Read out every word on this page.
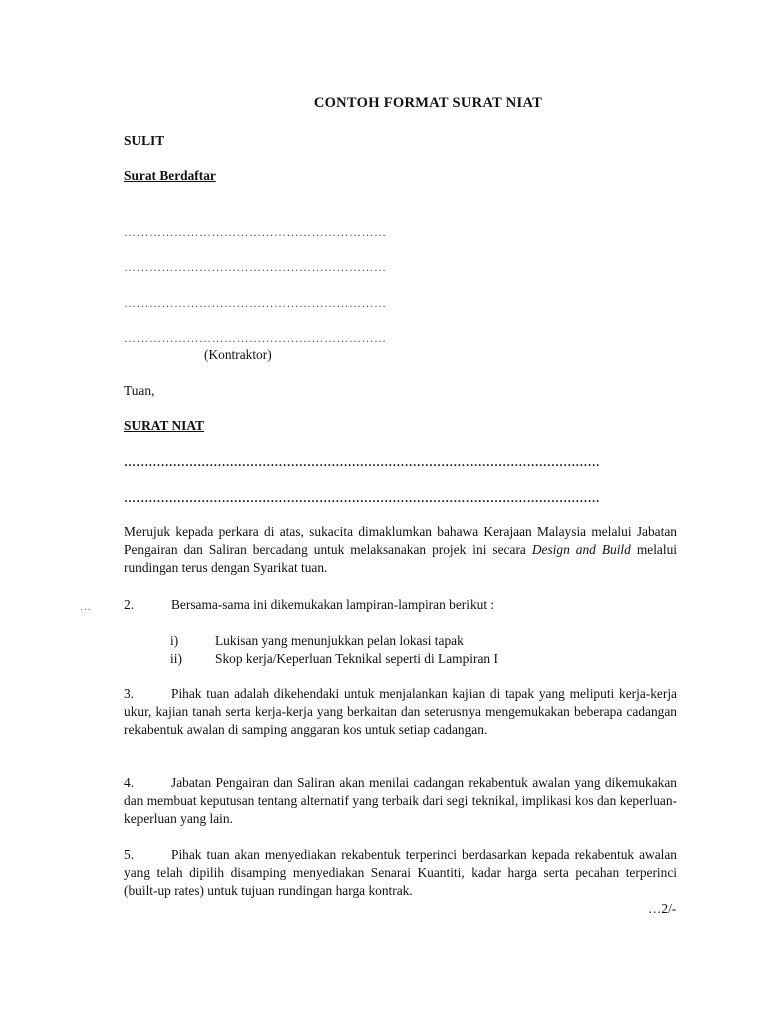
CONTOH FORMAT SURAT NIAT
SULIT
Surat Berdaftar
………………………………………………………
………………………………………………………
………………………………………………………
………………………………………………………
(Kontraktor)
Tuan,
SURAT NIAT
………………………………………………………………………………………………………
………………………………………………………………………………………………………
Merujuk kepada perkara di atas, sukacita dimaklumkan bahawa Kerajaan Malaysia melalui Jabatan Pengairan dan Saliran bercadang untuk melaksanakan projek ini secara Design and Build melalui rundingan terus dengan Syarikat tuan.
… 2.	Bersama-sama ini dikemukakan lampiran-lampiran berikut :
i)	Lukisan yang menunjukkan pelan lokasi tapak
ii) Skop kerja/Keperluan Teknikal seperti di Lampiran I
3.	Pihak tuan adalah dikehendaki untuk menjalankan kajian di tapak yang meliputi kerja-kerja ukur, kajian tanah serta kerja-kerja yang berkaitan dan seterusnya mengemukakan beberapa cadangan rekabentuk awalan di samping anggaran kos untuk setiap cadangan.
4.	Jabatan Pengairan dan Saliran akan menilai cadangan rekabentuk awalan yang dikemukakan dan membuat keputusan tentang alternatif yang terbaik dari segi teknikal, implikasi kos dan keperluan-keperluan yang lain.
5.	Pihak tuan akan menyediakan rekabentuk terperinci berdasarkan kepada rekabentuk awalan yang telah dipilih disamping menyediakan Senarai Kuantiti, kadar harga serta pecahan terperinci (built-up rates) untuk tujuan rundingan harga kontrak.
…2/-
